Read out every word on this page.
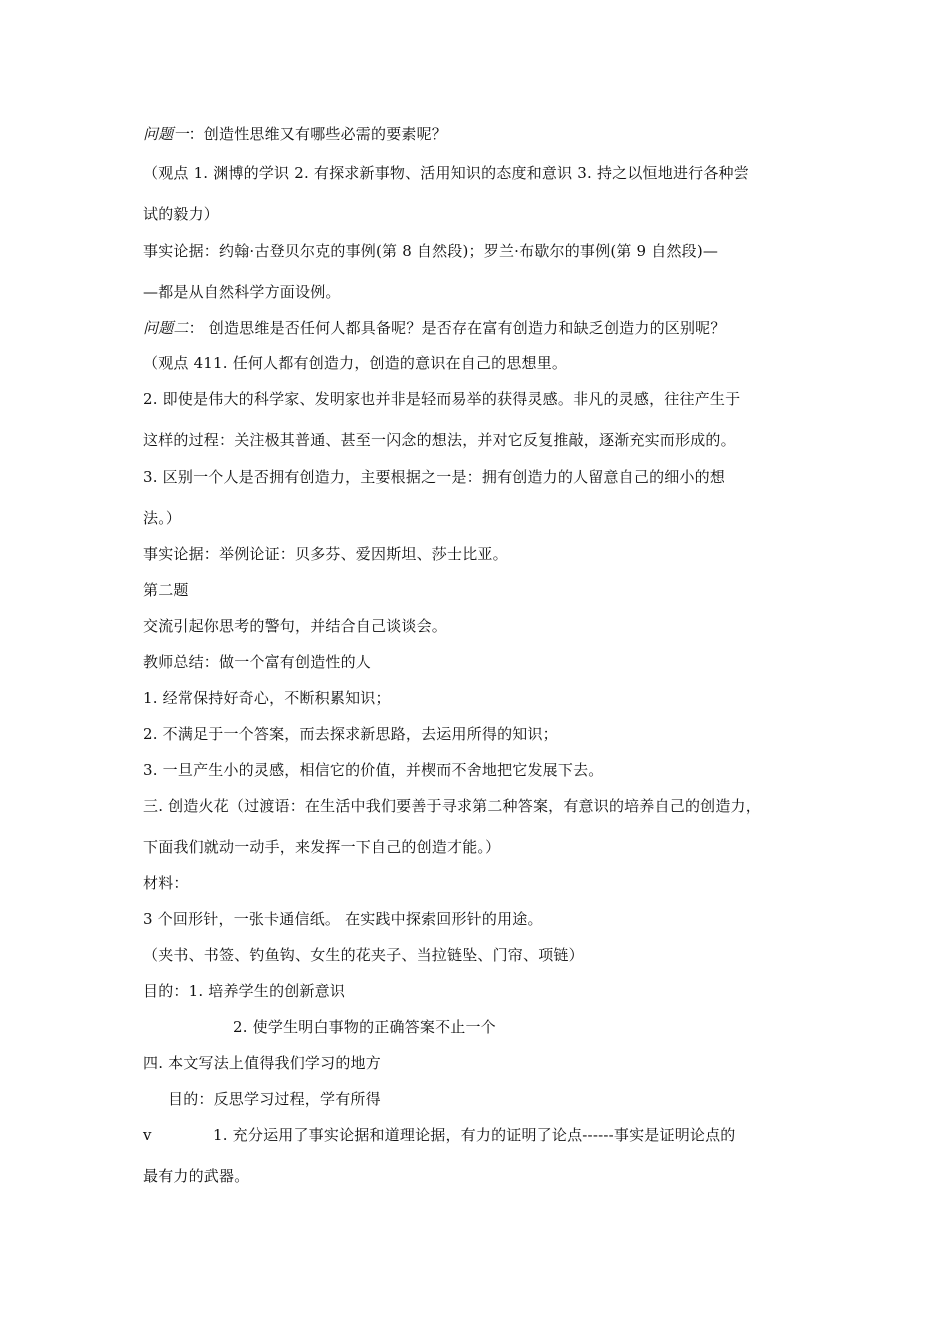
问题一：创造性思维又有哪些必需的要素呢？
（观点 1. 渊博的学识 2. 有探求新事物、活用知识的态度和意识 3. 持之以恒地进行各种尝
试的毅力）
事实论据：约翰·古登贝尔克的事例(第 8 自然段)；罗兰·布歇尔的事例(第 9 自然段)—
—都是从自然科学方面设例。
问题二： 创造思维是否任何人都具备呢？是否存在富有创造力和缺乏创造力的区别呢？
（观点 411. 任何人都有创造力，创造的意识在自己的思想里。
2. 即使是伟大的科学家、发明家也并非是轻而易举的获得灵感。非凡的灵感，往往产生于
这样的过程：关注极其普通、甚至一闪念的想法，并对它反复推敲，逐渐充实而形成的。
3. 区别一个人是否拥有创造力，主要根据之一是：拥有创造力的人留意自己的细小的想
法。）
事实论据：举例论证：贝多芬、爱因斯坦、莎士比亚。
第二题
交流引起你思考的警句，并结合自己谈谈会。
教师总结：做一个富有创造性的人
1. 经常保持好奇心，不断积累知识；
2. 不满足于一个答案，而去探求新思路，去运用所得的知识；
3. 一旦产生小的灵感，相信它的价值，并楔而不舍地把它发展下去。
三. 创造火花（过渡语：在生活中我们要善于寻求第二种答案，有意识的培养自己的创造力，
下面我们就动一动手，来发挥一下自己的创造才能。）
材料：
3 个回形针，一张卡通信纸。 在实践中探索回形针的用途。
（夹书、书签、钓鱼钩、女生的花夹子、当拉链坠、门帘、项链）
目的：1. 培养学生的创新意识
2. 使学生明白事物的正确答案不止一个
四. 本文写法上值得我们学习的地方
目的：反思学习过程，学有所得
v	1. 充分运用了事实论据和道理论据，有力的证明了论点------事实是证明论点的
最有力的武器。
